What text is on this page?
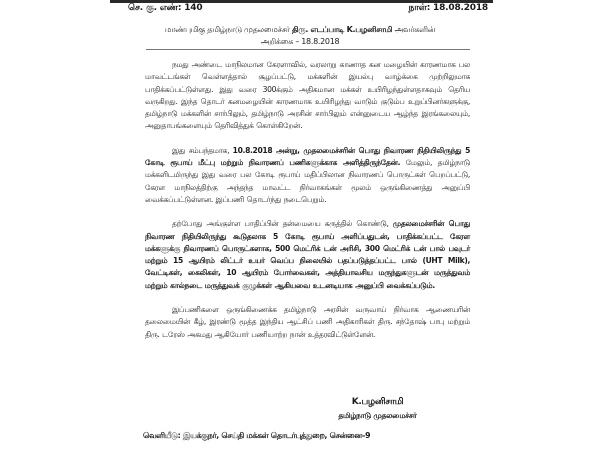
செ. கு. எண்: 140	நாள்: 18.08.2018
மாண்புமிகு தமிழ்நாடு முதலமைச்சர் திரு. எடப்பாடி K.பழனிசாமி அவர்களின்
அறிக்கை – 18.8.2018

நமது அண்டை மாநிலமான கேரளாவில், வரலாறு காணாத கன மழையின் காரணமாக பல மாவட்டங்கள் வெள்ளத்தால் சூழப்பட்டு, மக்களின் இயல்பு வாழ்க்கை முற்றிலுமாக பாதிக்கப்பட்டுள்ளது. இது வரை 300க்கும் அதிகமான மக்கள் உயிரிழந்துள்ளதாகவும் தெரிய வருகிறது. இந்த தொடர் கனமழையின் காரணமாக உயிரிழந்து வாடும் குடும்ப உறுப்பினர்களுக்கு, தமிழ்நாடு மக்களின் சார்பிலும், தமிழ்நாடு அரசின் சார்பிலும் என்னுடைய ஆழ்ந்த இரங்கலையும், அனுதாபங்களையும் தெரிவித்துக் கொள்கிறேன்.

இது சம்பந்தமாக, 10.8.2018 அன்று, முதலமைச்சரின் பொது நிவாரண நிதியிலிருந்து 5 கோடி ரூபாய் மீட்பு மற்றும் நிவாரணப் பணிகளுக்காக அளித்திருந்தேன். மேலும், தமிழ்நாடு மக்களிடமிருந்து இது வரை பல கோடி ரூபாய் மதிப்பிலான நிவாரணப் பொருட்கள் பெறப்பட்டு, கேரள மாநிலத்திற்கு அந்தந்த மாவட்ட நிர்வாகங்கள் மூலம் ஒருங்கிணைத்து அனுப்பி வைக்கப்பட்டுள்ளன. இப்பணி தொடர்ந்து நடைபெறும்.

தற்போது அங்குள்ள பாதிப்பின் தன்மையை கருத்தில் கொண்டு, முதலமைச்சரின் பொது நிவாரண நிதியிலிருந்து கூடுதலாக 5 கோடி ரூபாய் அளிப்பதுடன், பாதிக்கப்பட்ட கேரள மக்களுக்கு நிவாரணப் பொருட்களாக, 500 மெட்ரிக் டன் அரிசி, 300 மெட்ரிக் டன் பால் பவுடர் மற்றும் 15 ஆயிரம் லிட்டர் உயர் வெப்ப நிலையில் பதப்படுத்தப்பட்ட பால் (UHT Milk), வேட்டிகள், கைலிகள், 10 ஆயிரம் போர்வைகள், அத்தியாவசிய மருந்துகளுடன் மருத்துவம் மற்றும் கால்நடை மருத்துவக் குழுக்கள் ஆகியவை உடனடியாக அனுப்பி வைக்கப்படும்.

இப்பணிகளை ஒருங்கிணைக்க தமிழ்நாடு அரசின் வருவாய் நிர்வாக ஆணையரின் தலைமையின் கீழ், இரண்டு மூத்த இந்திய ஆட்சிப் பணி அதிகாரிகள் திரு. சந்தோஷ் பாபு மற்றும் திரு. டரேஸ் அகமது ஆகியோர் பணியாற்ற நான் உத்தரவிட்டுள்ளேன்.

K.பழனிசாமி
தமிழ்நாடு முதலமைச்சர்
வெளியீடு: இயக்குநர், செய்தி மக்கள் தொடர்புத்துறை, சென்னை–9
